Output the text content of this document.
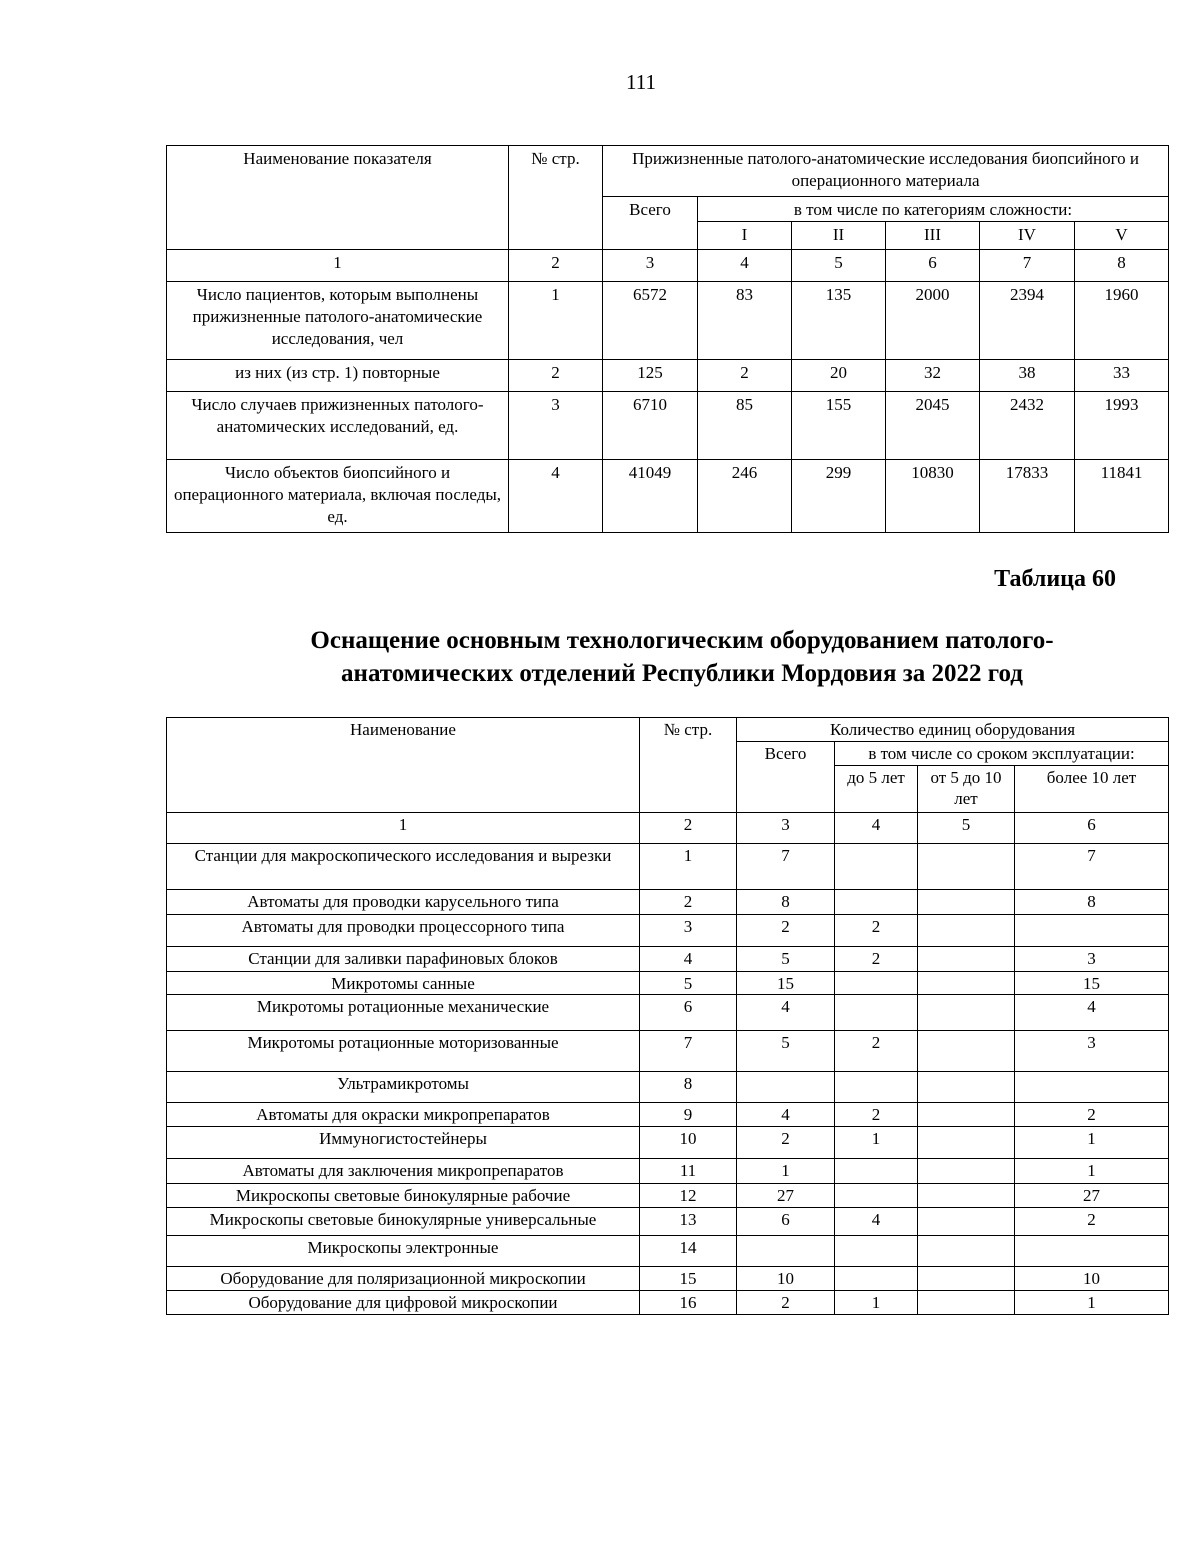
111
Наименование показателя	№ стр.	Прижизненные патолого-анатомические исследования биопсийного и операционного материала					
		Всего	в том числе по категориям сложности:				
			I	II	III	IV	V
1	2	3	4	5	6	7	8
Число пациентов, которым выполнены прижизненные патолого-анатомические исследования, чел	1	6572	83	135	2000	2394	1960
из них (из стр. 1) повторные	2	125	2	20	32	38	33
Число случаев прижизненных патолого-анатомических исследований, ед.	3	6710	85	155	2045	2432	1993
Число объектов биопсийного и операционного материала, включая последы, ед.	4	41049	246	299	10830	17833	11841
Таблица 60
Оснащение основным технологическим оборудованием патолого-анатомических отделений Республики Мордовия за 2022 год
Наименование	№ стр.	Количество единиц оборудования			
		Всего	в том числе со сроком эксплуатации:		
			до 5 лет	от 5 до 10 лет	более 10 лет
1	2	3	4	5	6
Станции для макроскопического исследования и вырезки	1	7			7
Автоматы для проводки карусельного типа	2	8			8
Автоматы для проводки процессорного типа	3	2	2		
Станции для заливки парафиновых блоков	4	5	2		3
Микротомы санные	5	15			15
Микротомы ротационные механические	6	4			4
Микротомы ротационные моторизованные	7	5	2		3
Ультрамикротомы	8				
Автоматы для окраски микропрепаратов	9	4	2		2
Иммуногистостейнеры	10	2	1		1
Автоматы для заключения микропрепаратов	11	1			1
Микроскопы световые бинокулярные рабочие	12	27			27
Микроскопы световые бинокулярные универсальные	13	6	4		2
Микроскопы электронные	14				
Оборудование для поляризационной микроскопии	15	10			10
Оборудование для цифровой микроскопии	16	2	1		1
